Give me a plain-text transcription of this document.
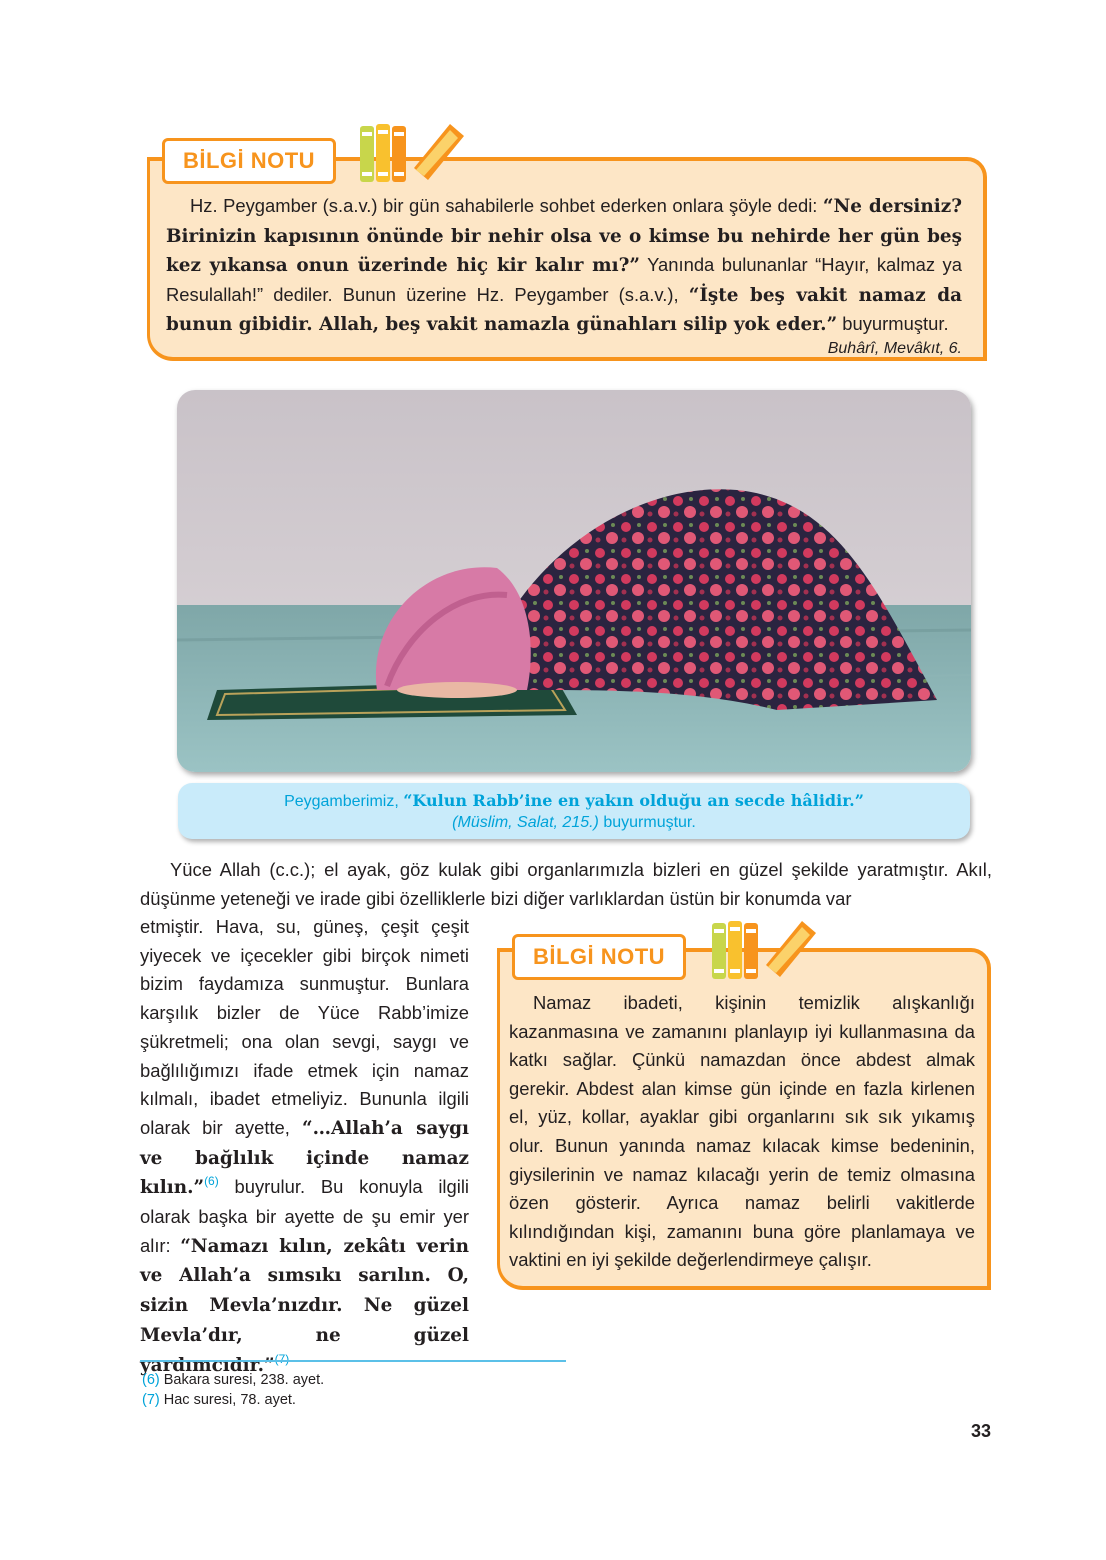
Hz. Peygamber (s.a.v.) bir gün sahabilerle sohbet ederken onlara şöyle dedi: “Ne dersiniz? Birinizin kapısının önünde bir nehir olsa ve o kimse bu nehirde her gün beş kez yıkansa onun üzerinde hiç kir kalır mı?” Yanında bulunanlar “Hayır, kalmaz ya Resulallah!” dediler. Bunun üzerine Hz. Peygamber (s.a.v.), “İşte beş vakit namaz da bunun gibidir. Allah, beş vakit namazla günahları silip yok eder.” buyurmuştur.

Buhârî, Mevâkıt, 6.
BİLGİ NOTU
Peygamberimiz, “Kulun Rabb’ine en yakın olduğu an secde hâlidir.”
(Müslim, Salat, 215.) buyurmuştur.

Yüce Allah (c.c.); el ayak, göz kulak gibi organlarımızla bizleri en güzel şekilde yaratmıştır. Akıl, düşünme yeteneği ve irade gibi özelliklerle bizi diğer varlıklardan üstün bir konumda var

etmiştir. Hava, su, güneş, çeşit çeşit yiyecek ve içecekler gibi birçok nimeti bizim faydamıza sunmuştur. Bunlara karşılık bizler de Yüce Rabb’imize şükretmeli; ona olan sevgi, saygı ve bağlılığımızı ifade etmek için namaz kılmalı, ibadet etmeliyiz. Bununla ilgili olarak bir ayette, “…Allah’a saygı ve bağlılık içinde namaz kılın.”$^{(6)}$ buyrulur. Bu konuyla ilgili olarak başka bir ayette de şu emir yer alır: “Namazı kılın, zekâtı verin ve Allah’a sımsıkı sarılın. O, sizin Mevla’nızdır. Ne güzel Mevla’dır, ne güzel yardımcıdır.”$^{(7)}$

Namaz ibadeti, kişinin temizlik alışkanlığı kazanmasına ve zamanını planlayıp iyi kullanmasına da katkı sağlar. Çünkü namazdan önce abdest almak gerekir. Abdest alan kimse gün içinde en fazla kirlenen el, yüz, kollar, ayaklar gibi organlarını sık sık yıkamış olur. Bunun yanında namaz kılacak kimse bedeninin, giysilerinin ve namaz kılacağı yerin de temiz olmasına özen gösterir. Ayrıca namaz belirli vakitlerde kılındığından kişi, zamanını buna göre planlamaya ve vaktini en iyi şekilde değerlendirmeye çalışır.

BİLGİ NOTU
(6) Bakara suresi, 238. ayet.
(7) Hac suresi, 78. ayet.
33
